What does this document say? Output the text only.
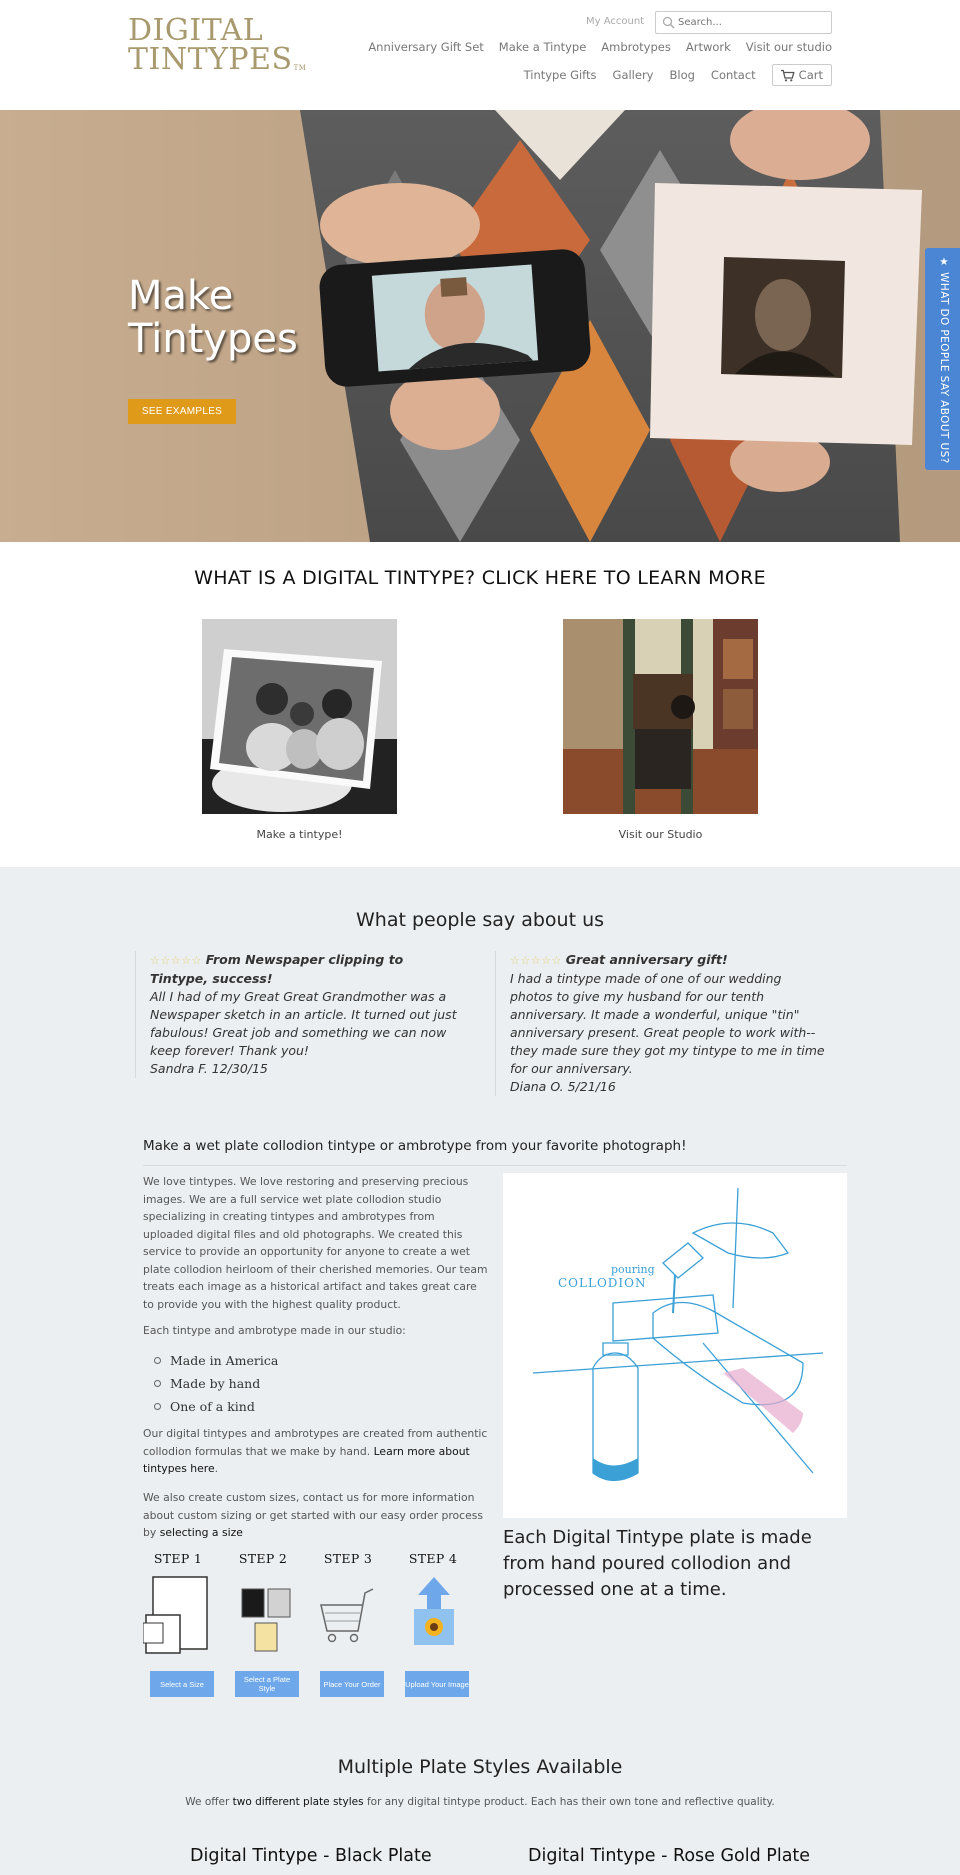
DIGITAL
TINTYPES™
My Account
Search...
Anniversary Gift Set Make a Tintype Ambrotypes Artwork Visit our studio
Tintype Gifts Gallery Blog Contact	Cart
Make
Tintypes
SEE EXAMPLES	★ WHAT DO PEOPLE SAY ABOUT US?
WHAT IS A DIGITAL TINTYPE? CLICK HERE TO LEARN MORE
Make a tintype!	Visit our Studio
What people say about us
☆☆☆☆☆ From Newspaper clipping to Tintype, success!
All I had of my Great Great Grandmother was a Newspaper sketch in an article. It turned out just fabulous! Great job and something we can now keep forever! Thank you!
Sandra F. 12/30/15
☆☆☆☆☆ Great anniversary gift!
I had a tintype made of one of our wedding photos to give my husband for our tenth anniversary. It made a wonderful, unique "tin" anniversary present. Great people to work with--they made sure they got my tintype to me in time for our anniversary.
Diana O. 5/21/16
Make a wet plate collodion tintype or ambrotype from your favorite photograph!
We love tintypes. We love restoring and preserving precious images. We are a full service wet plate collodion studio specializing in creating tintypes and ambrotypes from uploaded digital files and old photographs. We created this service to provide an opportunity for anyone to create a wet plate collodion heirloom of their cherished memories. Our team treats each image as a historical artifact and takes great care to provide you with the highest quality product.
Each tintype and ambrotype made in our studio:
Made in America
Made by hand
One of a kind
Our digital tintypes and ambrotypes are created from authentic collodion formulas that we make by hand. Learn more about tintypes here.
We also create custom sizes, contact us for more information about custom sizing or get started with our easy order process by selecting a size
pouring
COLLODION
Each Digital Tintype plate is made from hand poured collodion and processed one at a time.
STEP 1
Select a Size
STEP 2
Select a Plate Style
STEP 3
Place Your Order
STEP 4
Upload Your Image
Multiple Plate Styles Available
We offer two different plate styles for any digital tintype product. Each has their own tone and reflective quality.
Digital Tintype - Black Plate	Digital Tintype - Rose Gold Plate
